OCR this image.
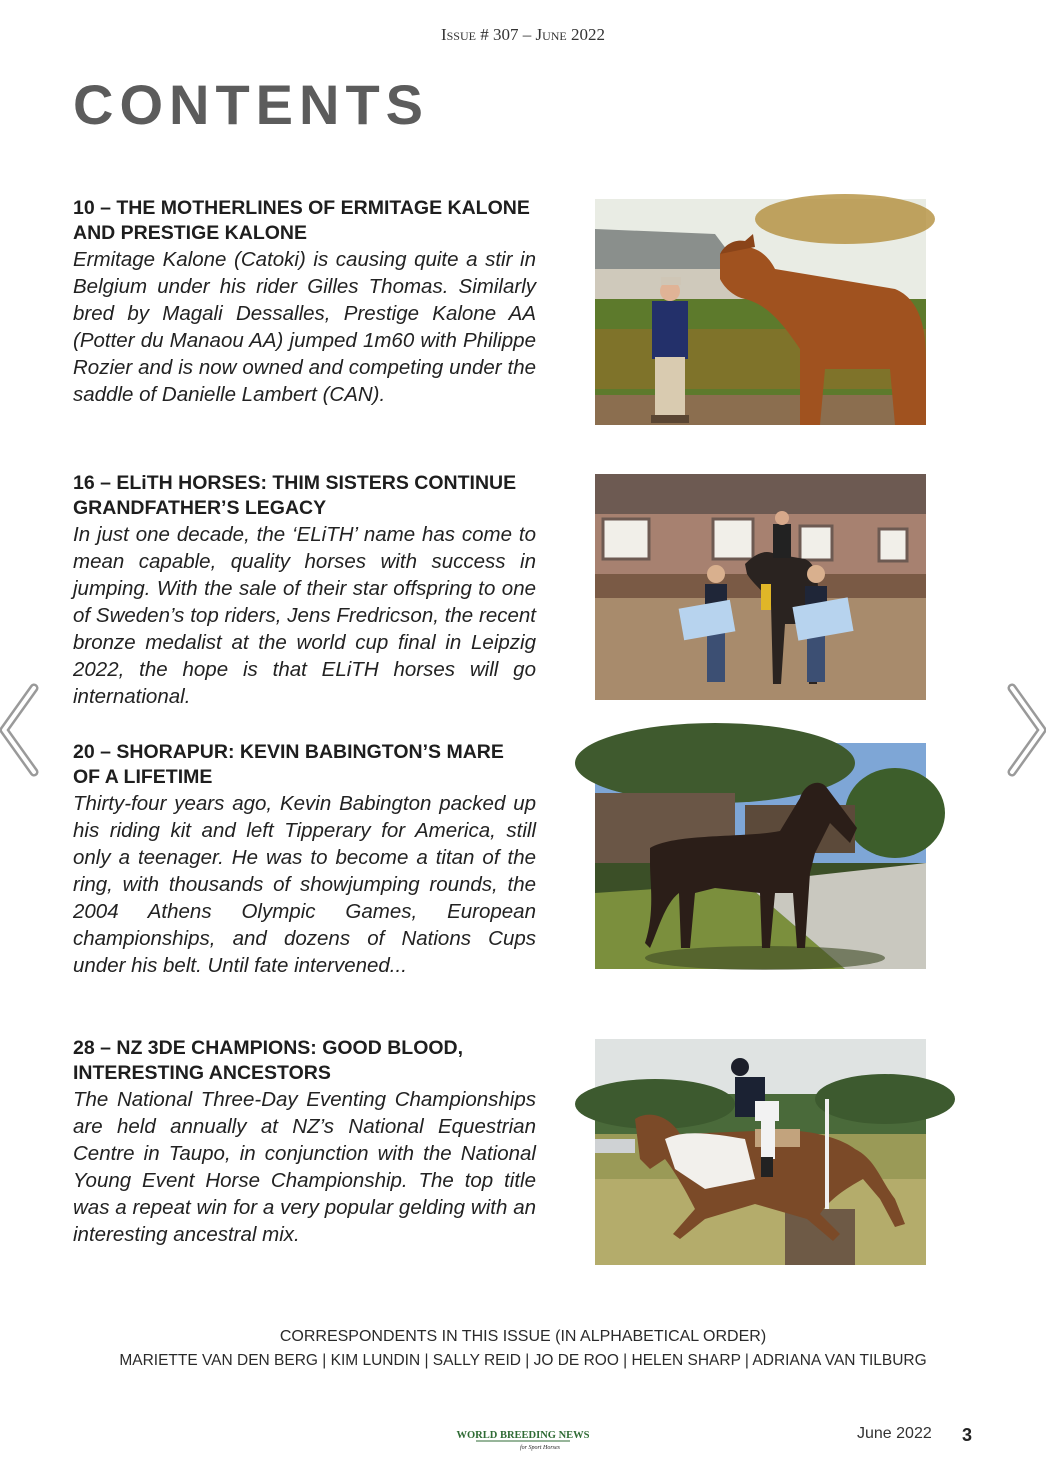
Issue # 307 – June 2022
CONTENTS
10 – THE MOTHERLINES OF ERMITAGE KALONE AND PRESTIGE KALONE

Ermitage Kalone (Catoki) is causing quite a stir in Belgium under his rider Gilles Thomas. Similarly bred by Magali Dessalles, Prestige Kalone AA (Potter du Manaou AA) jumped 1m60 with Philippe Rozier and is now owned and competing under the saddle of Danielle Lambert (CAN).

16 – ELiTH HORSES: THIM SISTERS CONTINUE GRANDFATHER’S LEGACY

In just one decade, the ‘ELiTH’ name has come to mean capable, quality horses with success in jumping. With the sale of their star offspring to one of Sweden’s top riders, Jens Fredricson, the recent bronze medalist at the world cup final in Leipzig 2022, the hope is that ELiTH horses will go international.

20 – SHORAPUR: KEVIN BABINGTON’S MARE OF A LIFETIME

Thirty-four years ago, Kevin Babington packed up his riding kit and left Tipperary for America, still only a teenager. He was to become a titan of the ring, with thousands of showjumping rounds, the 2004 Athens Olympic Games, European championships, and dozens of Nations Cups under his belt. Until fate intervened...

28 – NZ 3DE CHAMPIONS: GOOD BLOOD, INTERESTING ANCESTORS

The National Three-Day Eventing Championships are held annually at NZ’s National Equestrian Centre in Taupo, in conjunction with the National Young Event Horse Championship. The top title was a repeat win for a very popular gelding with an interesting ancestral mix.

CORRESPONDENTS IN THIS ISSUE (IN ALPHABETICAL ORDER)
MARIETTE VAN DEN BERG | KIM LUNDIN | SALLY REID | JO DE ROO | HELEN SHARP | ADRIANA VAN TILBURG
WORLD BREEDING NEWS
for Sport Horses
June 2022 3
